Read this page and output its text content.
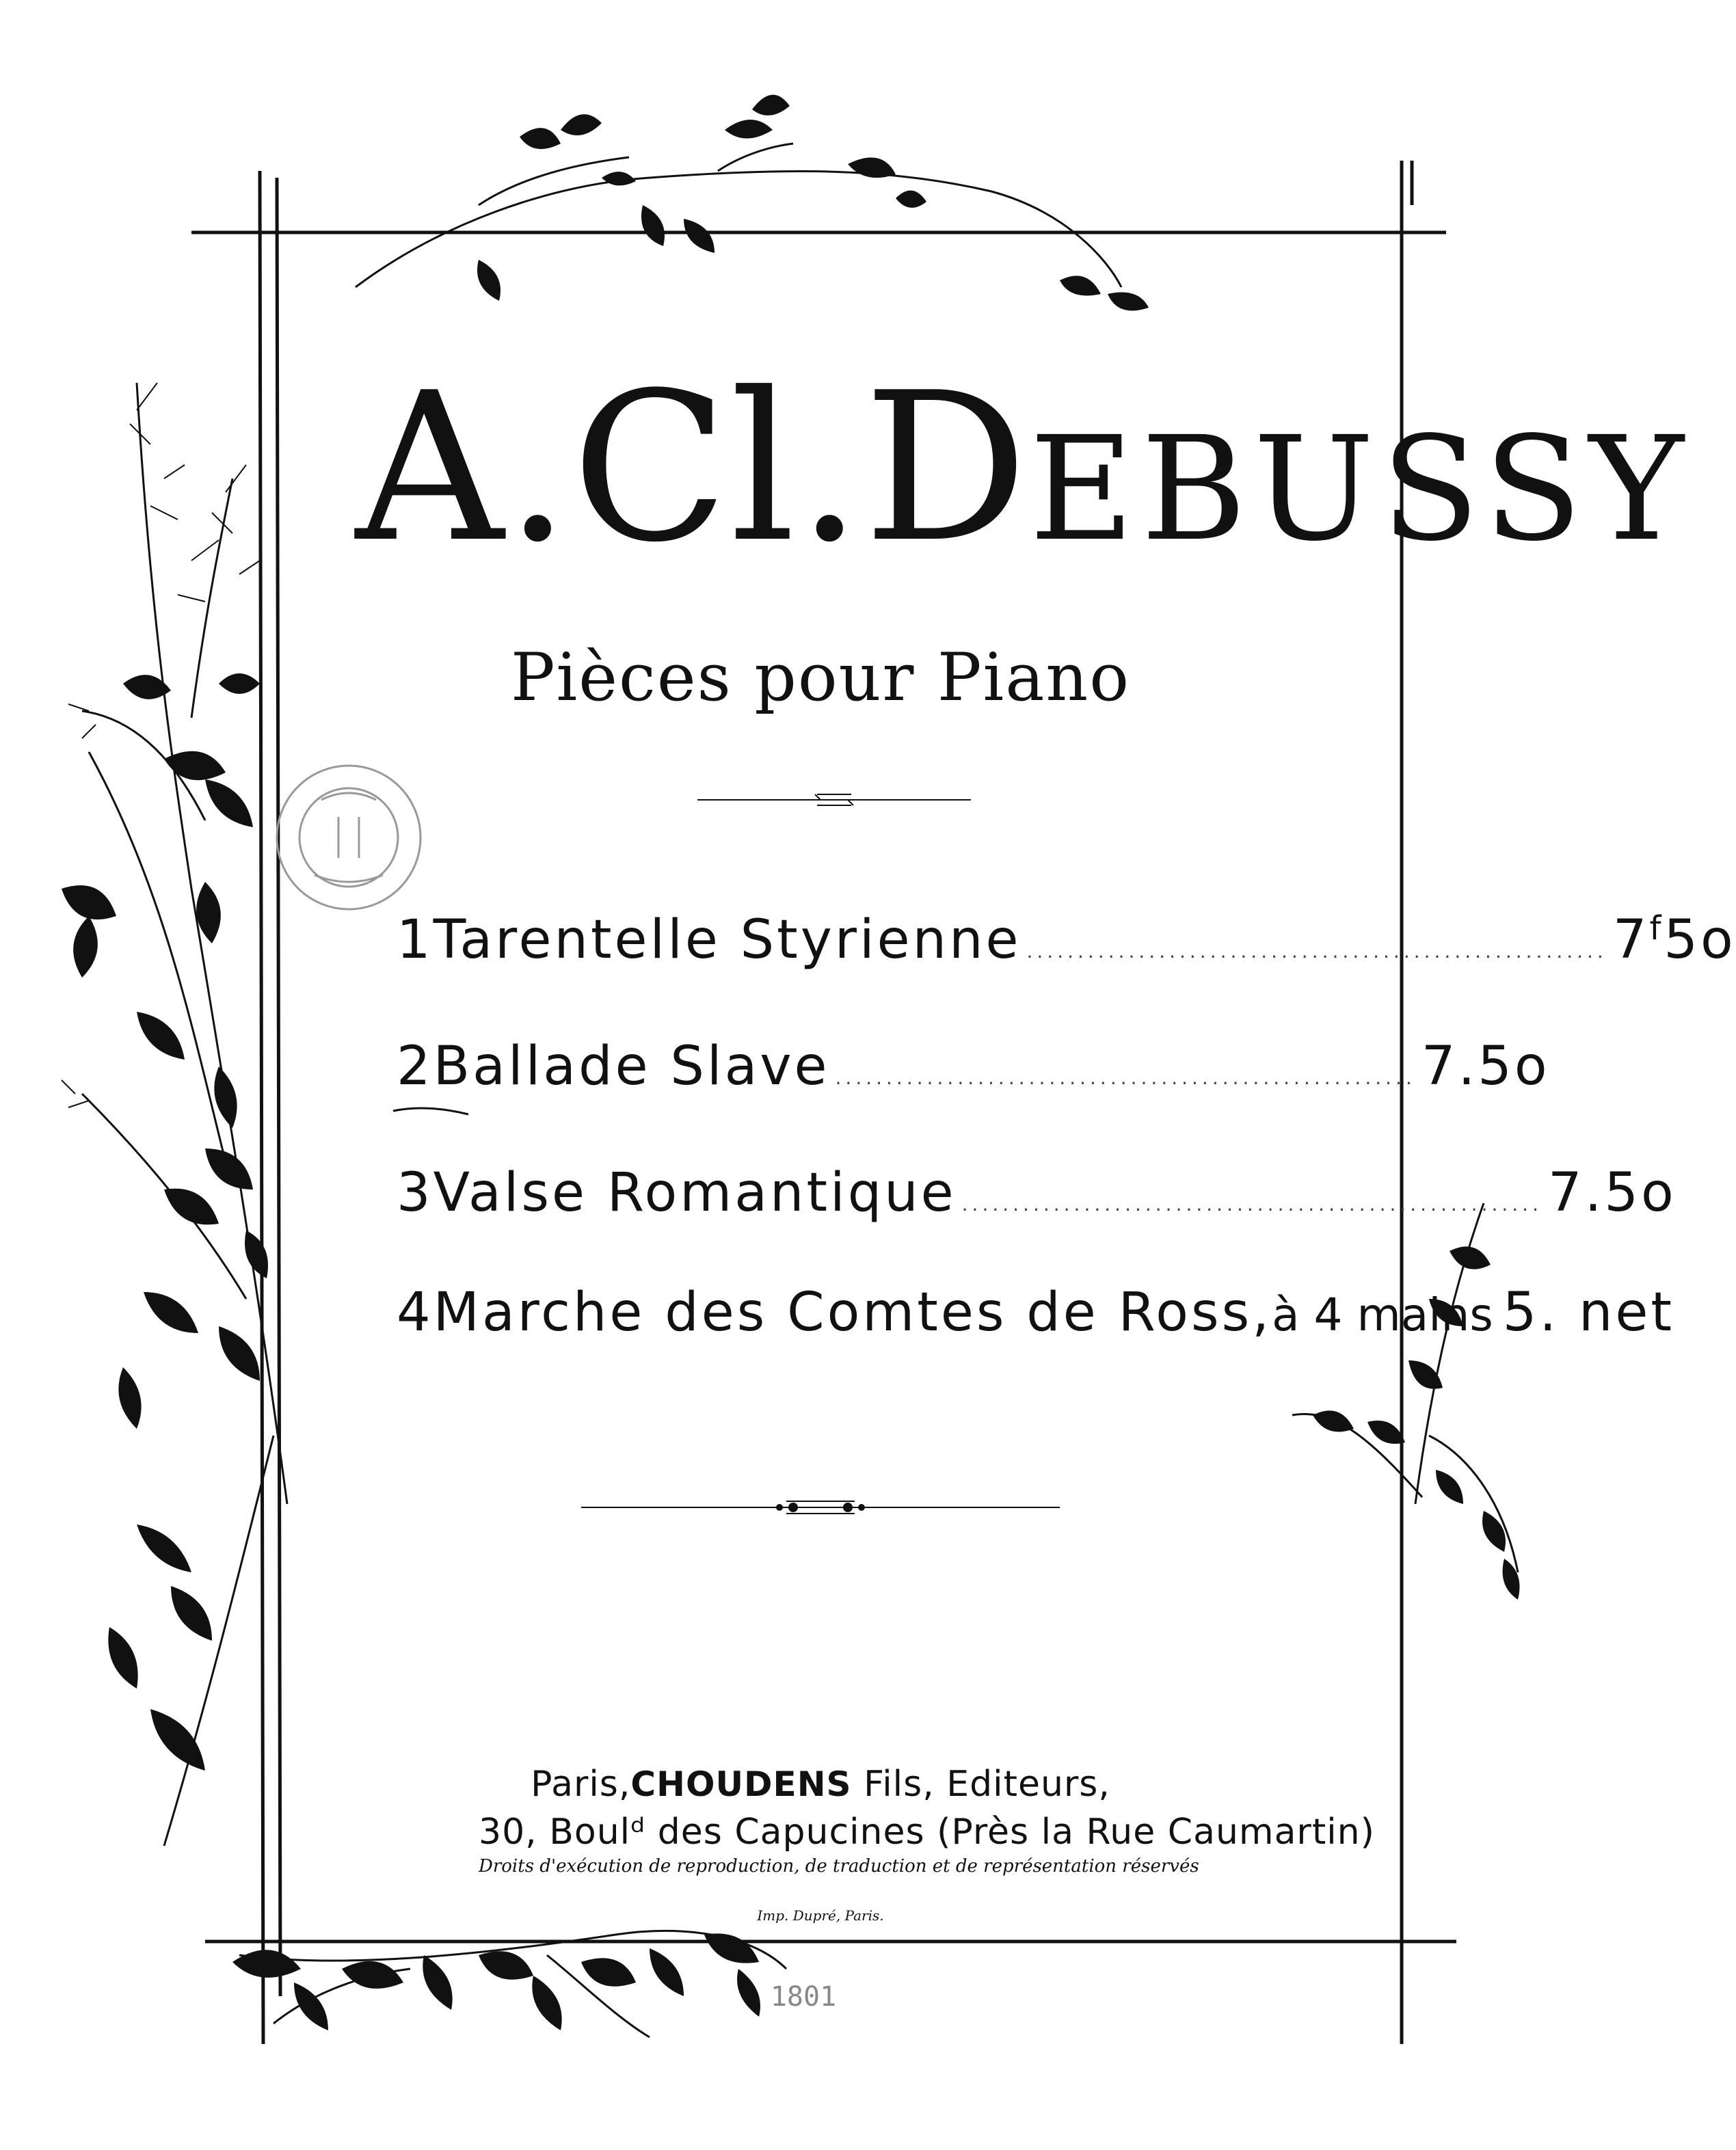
A.Cl.DEBUSSY
Pièces pour Piano
1 Tarentelle Styrienne ......................................................... 7$^f$5o
2 Ballade Slave ......................................................... 7.5o
3 Valse Romantique ......................................................... 7.5o
4 Marche des Comtes de Ross, à 4 mains 5. net
Paris,CHOUDENS Fils, Editeurs,
30, Boulᵈ des Capucines (Près la Rue Caumartin)
Droits d'exécution de reproduction, de traduction et de représentation réservés
Imp. Dupré, Paris.
1801
